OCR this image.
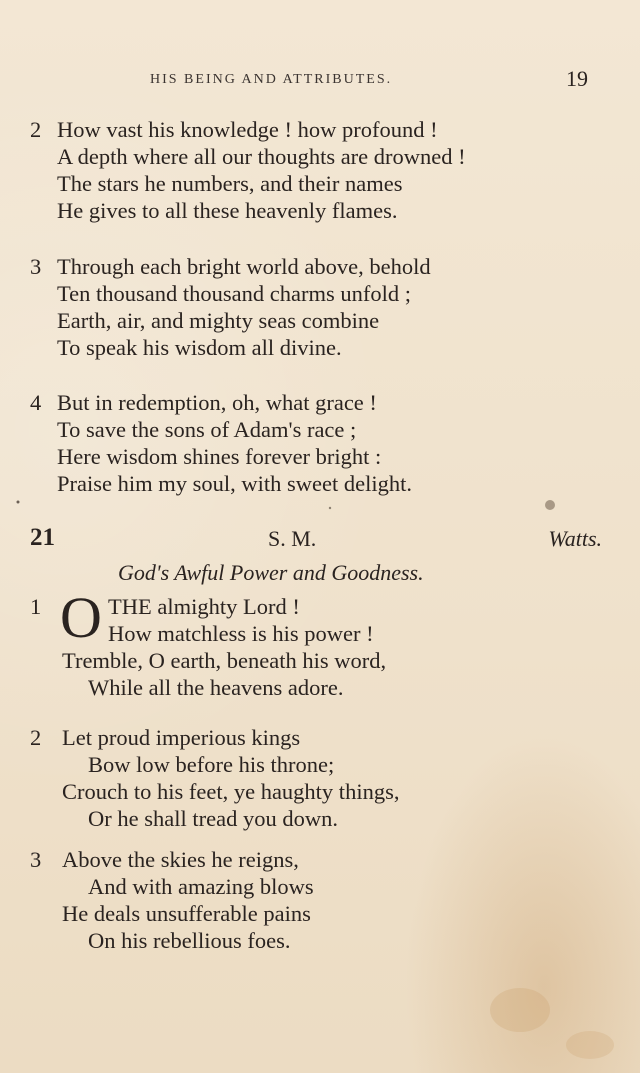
HIS BEING AND ATTRIBUTES.	19
2 How vast his knowledge ! how profound !
A depth where all our thoughts are drowned !
The stars he numbers, and their names
He gives to all these heavenly flames.
3 Through each bright world above, behold
Ten thousand thousand charms unfold ;
Earth, air, and mighty seas combine
To speak his wisdom all divine.
4 But in redemption, oh, what grace !
To save the sons of Adam's race ;
Here wisdom shines forever bright :
Praise him my soul, with sweet delight.
21	S. M.	Watts.
God's Awful Power and Goodness.
1 O THE almighty Lord !
How matchless is his power !
Tremble, O earth, beneath his word,
While all the heavens adore.
2 Let proud imperious kings
Bow low before his throne;
Crouch to his feet, ye haughty things,
Or he shall tread you down.
3 Above the skies he reigns,
And with amazing blows
He deals unsufferable pains
On his rebellious foes.
